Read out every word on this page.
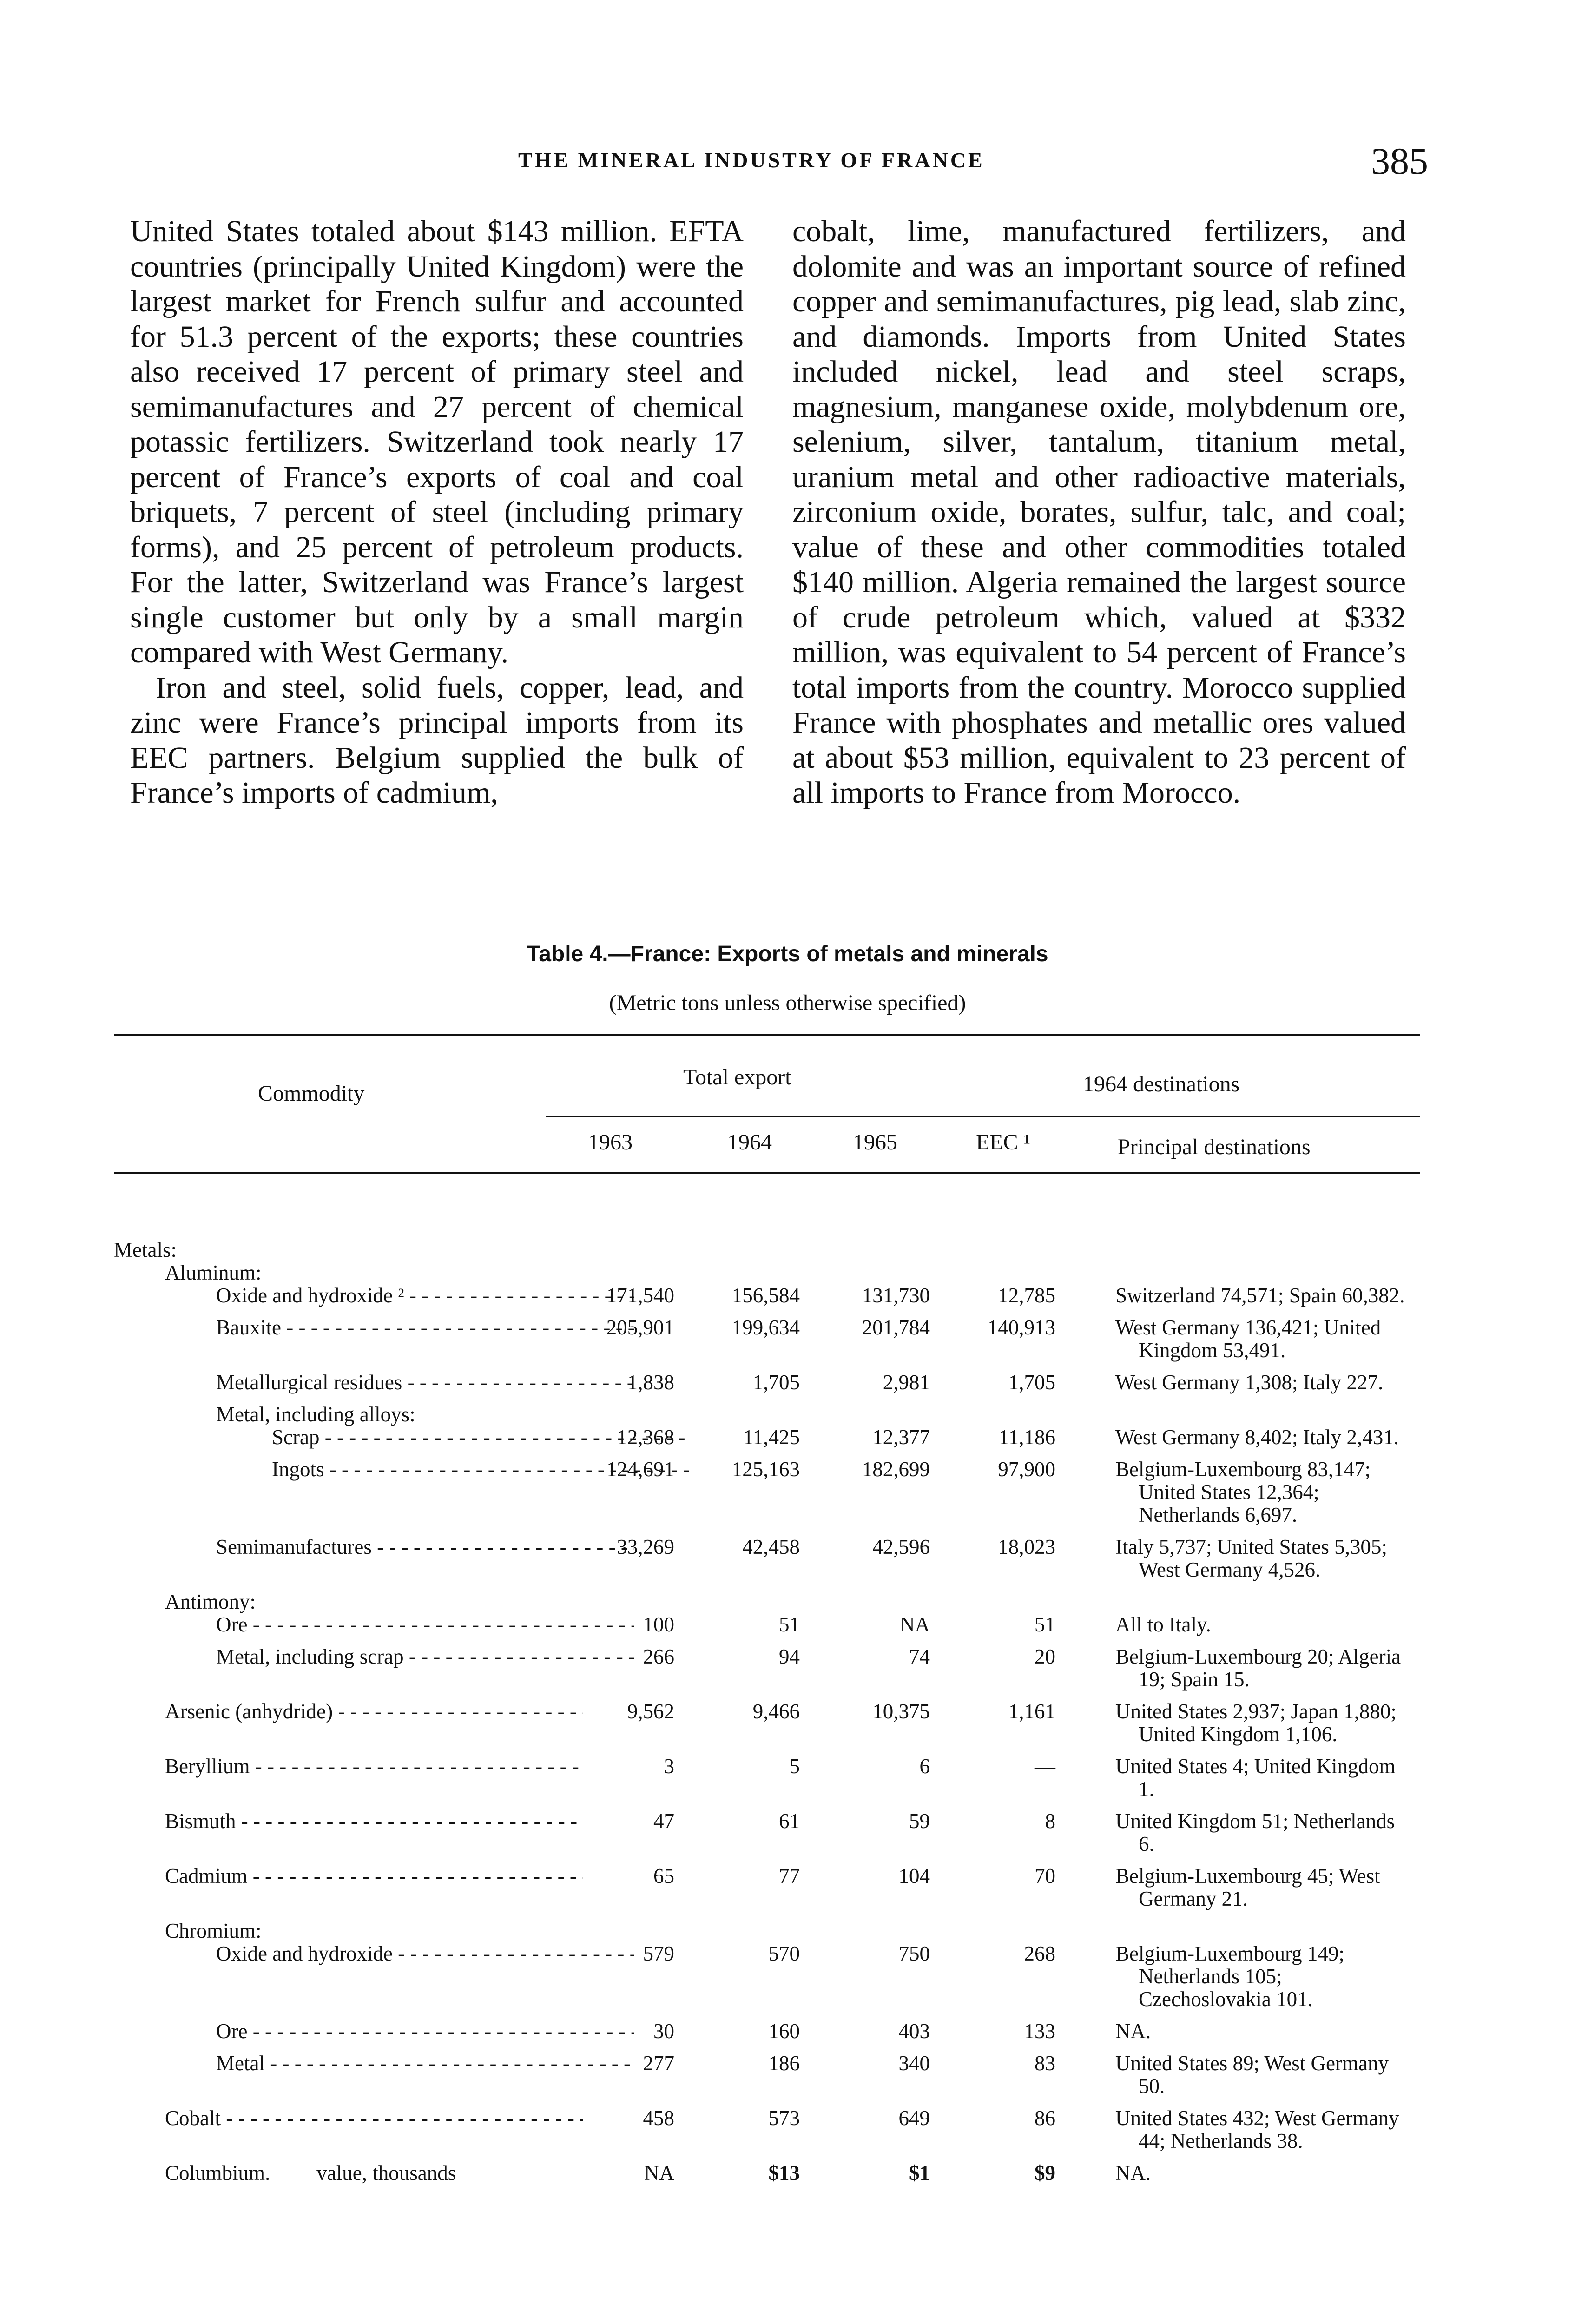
THE MINERAL INDUSTRY OF FRANCE	385

United States totaled about $143 million. EFTA countries (principally United Kingdom) were the largest market for French sulfur and accounted for 51.3 percent of the exports; these countries also received 17 percent of primary steel and semimanufactures and 27 percent of chemical potassic fertilizers. Switzerland took nearly 17 percent of France’s exports of coal and coal briquets, 7 percent of steel (including primary forms), and 25 percent of petroleum products. For the latter, Switzerland was France’s largest single customer but only by a small margin compared with West Germany.

Iron and steel, solid fuels, copper, lead, and zinc were France’s principal imports from its EEC partners. Belgium supplied the bulk of France’s imports of cadmium,

cobalt, lime, manufactured fertilizers, and dolomite and was an important source of refined copper and semimanufactures, pig lead, slab zinc, and diamonds. Imports from United States included nickel, lead and steel scraps, magnesium, manganese oxide, molybdenum ore, selenium, silver, tantalum, titanium metal, uranium metal and other radioactive materials, zirconium oxide, borates, sulfur, talc, and coal; value of these and other commodities totaled $140 million. Algeria remained the largest source of crude petroleum which, valued at $332 million, was equivalent to 54 percent of France’s total imports from the country. Morocco supplied France with phosphates and metallic ores valued at about $53 million, equivalent to 23 percent of all imports to France from Morocco.

Table 4.—France: Exports of metals and minerals
(Metric tons unless otherwise specified)
Commodity
Total export	1964 destinations
1963	1964	1965	EEC ¹	Principal destinations
Metals:					

Aluminum:					

Oxide and hydroxide ² - - -	171,540	156,584	131,730	12,785	Switzerland 74,571; Spain 60,382.

Bauxite - - -	205,901	199,634	201,784	140,913	West Germany 136,421; United Kingdom 53,491.

Metallurgical residues - - -	1,838	1,705	2,981	1,705	West Germany 1,308; Italy 227.

Metal, including alloys:					

Scrap - - -	12,368	11,425	12,377	11,186	West Germany 8,402; Italy 2,431.

Ingots - - -	124,691	125,163	182,699	97,900	Belgium-Luxembourg 83,147; United States 12,364; Netherlands 6,697.

Semimanufactures - - -	33,269	42,458	42,596	18,023	Italy 5,737; United States 5,305; West Germany 4,526.

Antimony:					

Ore - - -	100	51	NA	51	All to Italy.

Metal, including scrap - - -	266	94	74	20	Belgium-Luxembourg 20; Algeria 19; Spain 15.

Arsenic (anhydride) - - -	9,562	9,466	10,375	1,161	United States 2,937; Japan 1,880; United Kingdom 1,106.

Beryllium - - -	3	5	6	—	United States 4; United Kingdom 1.

Bismuth - - -	47	61	59	8	United Kingdom 51; Netherlands 6.

Cadmium - - -	65	77	104	70	Belgium-Luxembourg 45; West Germany 21.

Chromium:					

Oxide and hydroxide - - -	579	570	750	268	Belgium-Luxembourg 149; Netherlands 105; Czechoslovakia 101.

Ore - - -	30	160	403	133	NA.

Metal - - -	277	186	340	83	United States 89; West Germany 50.

Cobalt - - -	458	573	649	86	United States 432; West Germany 44; Netherlands 38.

Columbium. value, thousands	NA	$13	$1	$9	NA.
